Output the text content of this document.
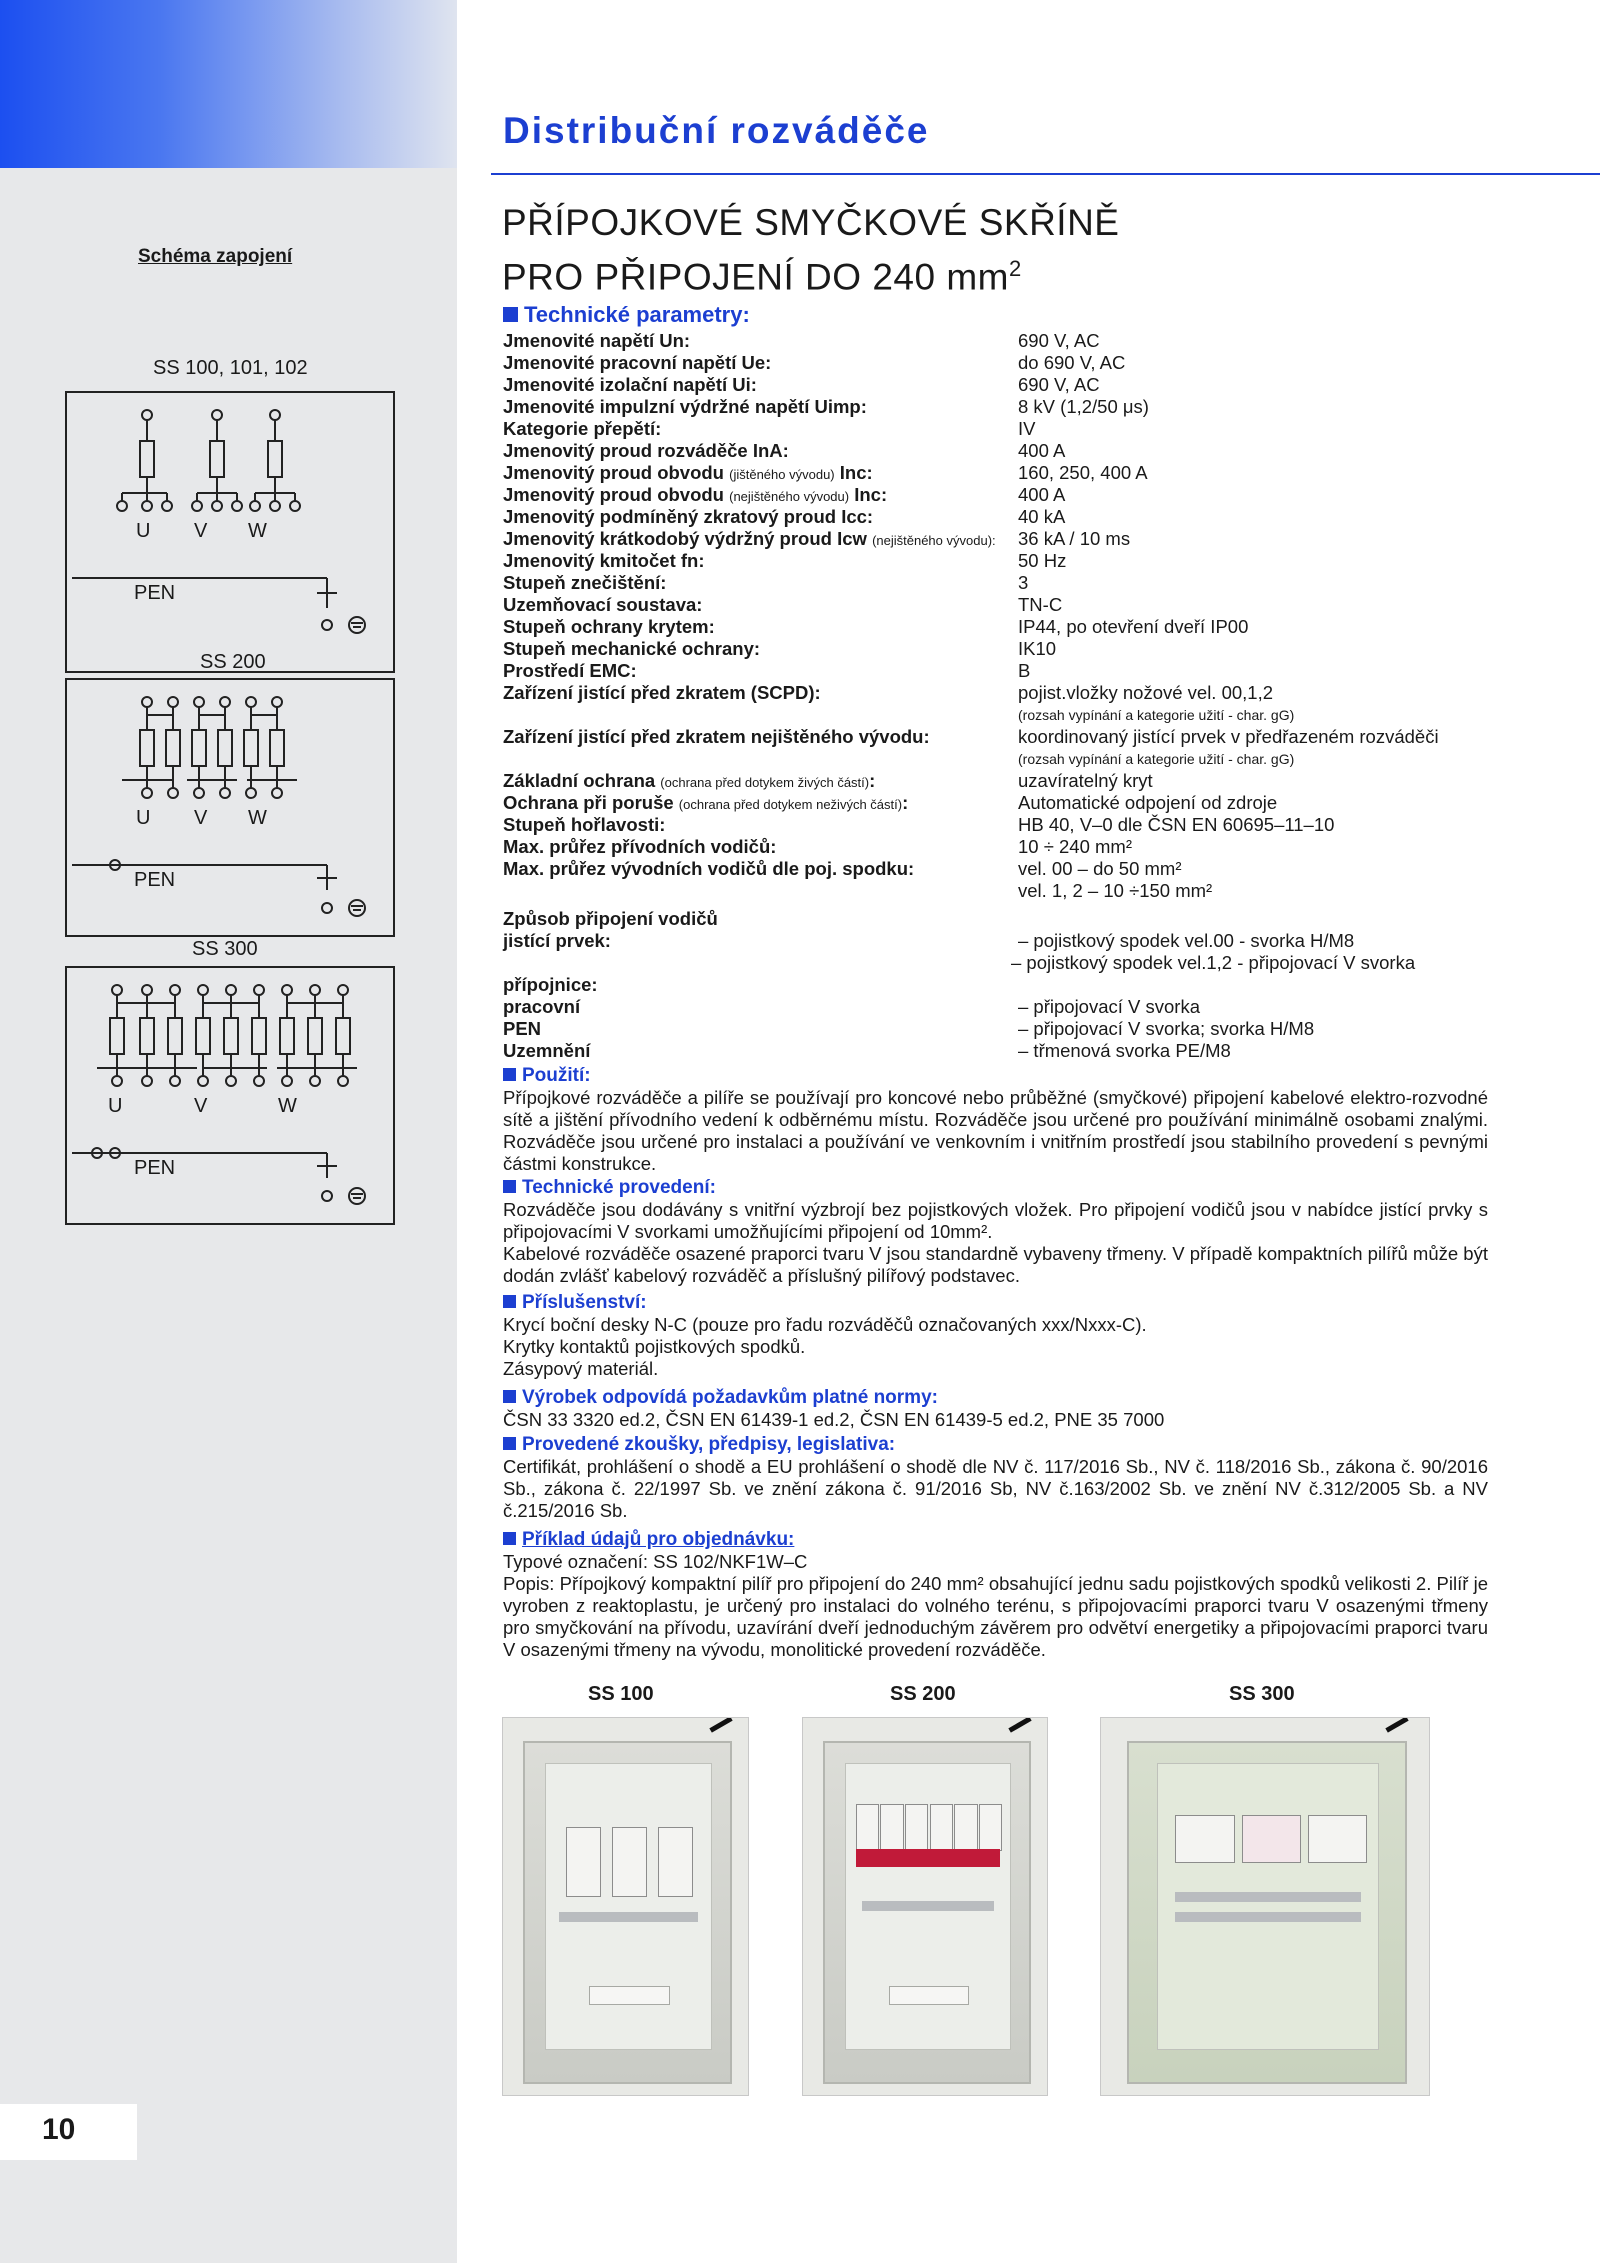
10
Schéma zapojení
SS 100, 101, 102
U V W
PEN
SS 200
U V W
PEN
SS 300
U	V	W
PEN
Distribuční rozváděče
PŘÍPOJKOVÉ SMYČKOVÉ SKŘÍNĚ
PRO PŘIPOJENÍ DO 240 $mm^2$
Technické parametry:
Jmenovité napětí Un:	690 V, AC
Jmenovité pracovní napětí Ue:	do 690 V, AC
Jmenovité izolační napětí Ui:	690 V, AC
Jmenovité impulzní výdržné napětí Uimp:	8 kV (1,2/50 μs)
Kategorie přepětí:	IV
Jmenovitý proud rozváděče InA:	400 A
Jmenovitý proud obvodu (jištěného vývodu) Inc:	160, 250, 400 A
Jmenovitý proud obvodu (nejištěného vývodu) Inc:	400 A
Jmenovitý podmíněný zkratový proud Icc:	40 kA
Jmenovitý krátkodobý výdržný proud Icw (nejištěného vývodu): 36 kA / 10 ms
Jmenovitý kmitočet fn:	50 Hz
Stupeň znečištění:	3
Uzemňovací soustava:	TN-C
Stupeň ochrany krytem:	IP44, po otevření dveří IP00
Stupeň mechanické ochrany:	IK10
Prostředí EMC:	B
Zařízení jistící před zkratem (SCPD):	pojist.vložky nožové vel. 00,1,2
(rozsah vypínání a kategorie užití - char. gG)
Zařízení jistící před zkratem nejištěného vývodu:	koordinovaný jistící prvek v předřazeném rozváděči
(rozsah vypínání a kategorie užití - char. gG)
Základní ochrana (ochrana před dotykem živých částí):	uzavíratelný kryt
Ochrana při poruše (ochrana před dotykem neživých částí):	Automatické odpojení od zdroje
Stupeň hořlavosti:	HB 40, V–0 dle ČSN EN 60695–11–10
Max. průřez přívodních vodičů:	10 ÷ 240 mm²
Max. průřez vývodních vodičů dle poj. spodku:	vel. 00 – do 50 mm²
vel. 1, 2 – 10 ÷150 mm²
Způsob připojení vodičů
jistící prvek:	– pojistkový spodek vel.00 - svorka H/M8
– pojistkový spodek vel.1,2 - připojovací V svorka
přípojnice:
pracovní	– připojovací V svorka
PEN	– připojovací V svorka; svorka H/M8
Uzemnění	– třmenová svorka PE/M8
Použití:

Přípojkové rozváděče a pilíře se používají pro koncové nebo průběžné (smyčkové) připojení kabelové elektro-rozvodné sítě a jištění přívodního vedení k odběrnému místu. Rozváděče jsou určené pro používání minimálně osobami znalými. Rozváděče jsou určené pro instalaci a používání ve venkovním i vnitřním prostředí jsou stabilního provedení s pevnými částmi konstrukce.

Technické provedení:

Rozváděče jsou dodávány s vnitřní výzbrojí bez pojistkových vložek. Pro připojení vodičů jsou v nabídce jistící prvky s připojovacími V svorkami umožňujícími připojení od 10mm².

Kabelové rozváděče osazené praporci tvaru V jsou standardně vybaveny třmeny. V případě kompaktních pilířů může být dodán zvlášť kabelový rozváděč a příslušný pilířový podstavec.

Příslušenství:

Krycí boční desky N-C (pouze pro řadu rozváděčů označovaných xxx/Nxxx-C).

Krytky kontaktů pojistkových spodků.

Zásypový materiál.

Výrobek odpovídá požadavkům platné normy:

ČSN 33 3320 ed.2, ČSN EN 61439-1 ed.2, ČSN EN 61439-5 ed.2, PNE 35 7000

Provedené zkoušky, předpisy, legislativa:

Certifikát, prohlášení o shodě a EU prohlášení o shodě dle NV č. 117/2016 Sb., NV č. 118/2016 Sb., zákona č. 90/2016 Sb., zákona č. 22/1997 Sb. ve znění zákona č. 91/2016 Sb, NV č.163/2002 Sb. ve znění NV č.312/2005 Sb. a NV č.215/2016 Sb.

Příklad údajů pro objednávku:

Typové označení: SS 102/NKF1W–C

Popis: Přípojkový kompaktní pilíř pro připojení do 240 mm² obsahující jednu sadu pojistkových spodků velikosti 2. Pilíř je vyroben z reaktoplastu, je určený pro instalaci do volného terénu, s připojovacími praporci tvaru V osazenými třmeny pro smyčkování na přívodu, uzavírání dveří jednoduchým závěrem pro odvětví energetiky a připojovacími praporci tvaru V osazenými třmeny na vývodu, monolitické provedení rozváděče.

SS 100	SS 200	SS 300
